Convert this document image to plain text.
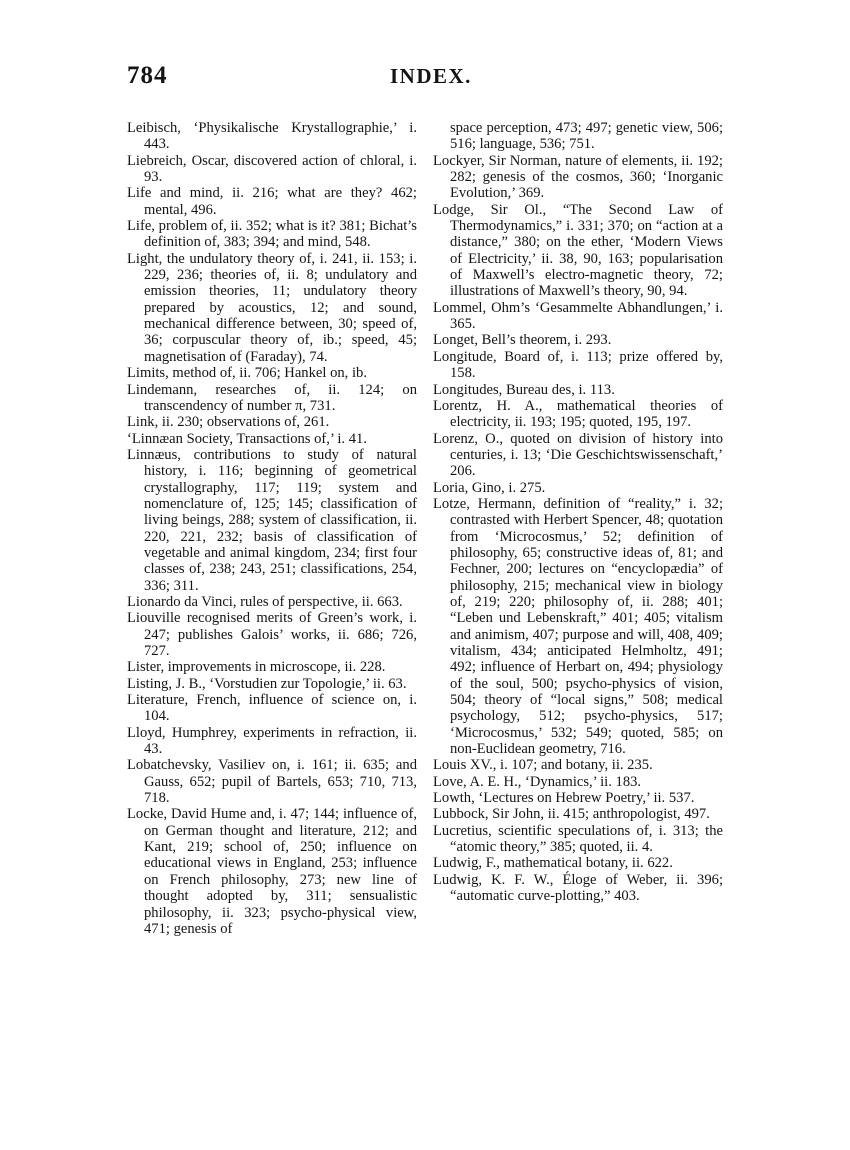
784	INDEX.

Leibisch, ‘Physikalische Krystallographie,’ i. 443.

Liebreich, Oscar, discovered action of chloral, i. 93.

Life and mind, ii. 216; what are they? 462; mental, 496.

Life, problem of, ii. 352; what is it? 381; Bichat’s definition of, 383; 394; and mind, 548.

Light, the undulatory theory of, i. 241, ii. 153; i. 229, 236; theories of, ii. 8; undulatory and emission theories, 11; undulatory theory prepared by acoustics, 12; and sound, mechanical difference between, 30; speed of, 36; corpuscular theory of, ib.; speed, 45; magnetisation of (Faraday), 74.

Limits, method of, ii. 706; Hankel on, ib.

Lindemann, researches of, ii. 124; on transcendency of number π, 731.

Link, ii. 230; observations of, 261.

‘Linnæan Society, Transactions of,’ i. 41.

Linnæus, contributions to study of natural history, i. 116; beginning of geometrical crystallography, 117; 119; system and nomenclature of, 125; 145; classification of living beings, 288; system of classification, ii. 220, 221, 232; basis of classification of vegetable and animal kingdom, 234; first four classes of, 238; 243, 251; classifications, 254, 336; 311.

Lionardo da Vinci, rules of perspective, ii. 663.

Liouville recognised merits of Green’s work, i. 247; publishes Galois’ works, ii. 686; 726, 727.

Lister, improvements in microscope, ii. 228.

Listing, J. B., ‘Vorstudien zur Topologie,’ ii. 63.

Literature, French, influence of science on, i. 104.

Lloyd, Humphrey, experiments in refraction, ii. 43.

Lobatchevsky, Vasiliev on, i. 161; ii. 635; and Gauss, 652; pupil of Bartels, 653; 710, 713, 718.

Locke, David Hume and, i. 47; 144; influence of, on German thought and literature, 212; and Kant, 219; school of, 250; influence on educational views in England, 253; influence on French philosophy, 273; new line of thought adopted by, 311; sensualistic philosophy, ii. 323; psycho-physical view, 471; genesis of

space perception, 473; 497; genetic view, 506; 516; language, 536; 751.

Lockyer, Sir Norman, nature of elements, ii. 192; 282; genesis of the cosmos, 360; ‘Inorganic Evolution,’ 369.

Lodge, Sir Ol., “The Second Law of Thermodynamics,” i. 331; 370; on “action at a distance,” 380; on the ether, ‘Modern Views of Electricity,’ ii. 38, 90, 163; popularisation of Maxwell’s electro-magnetic theory, 72; illustrations of Maxwell’s theory, 90, 94.

Lommel, Ohm’s ‘Gesammelte Abhandlungen,’ i. 365.

Longet, Bell’s theorem, i. 293.

Longitude, Board of, i. 113; prize offered by, 158.

Longitudes, Bureau des, i. 113.

Lorentz, H. A., mathematical theories of electricity, ii. 193; 195; quoted, 195, 197.

Lorenz, O., quoted on division of history into centuries, i. 13; ‘Die Geschichtswissenschaft,’ 206.

Loria, Gino, i. 275.

Lotze, Hermann, definition of “reality,” i. 32; contrasted with Herbert Spencer, 48; quotation from ‘Microcosmus,’ 52; definition of philosophy, 65; constructive ideas of, 81; and Fechner, 200; lectures on “encyclopædia” of philosophy, 215; mechanical view in biology of, 219; 220; philosophy of, ii. 288; 401; “Leben und Lebenskraft,” 401; 405; vitalism and animism, 407; purpose and will, 408, 409; vitalism, 434; anticipated Helmholtz, 491; 492; influence of Herbart on, 494; physiology of the soul, 500; psycho-physics of vision, 504; theory of “local signs,” 508; medical psychology, 512; psycho-physics, 517; ‘Microcosmus,’ 532; 549; quoted, 585; on non-Euclidean geometry, 716.

Louis XV., i. 107; and botany, ii. 235.

Love, A. E. H., ‘Dynamics,’ ii. 183.

Lowth, ‘Lectures on Hebrew Poetry,’ ii. 537.

Lubbock, Sir John, ii. 415; anthropologist, 497.

Lucretius, scientific speculations of, i. 313; the “atomic theory,” 385; quoted, ii. 4.

Ludwig, F., mathematical botany, ii. 622.

Ludwig, K. F. W., Éloge of Weber, ii. 396; “automatic curve-plotting,” 403.
